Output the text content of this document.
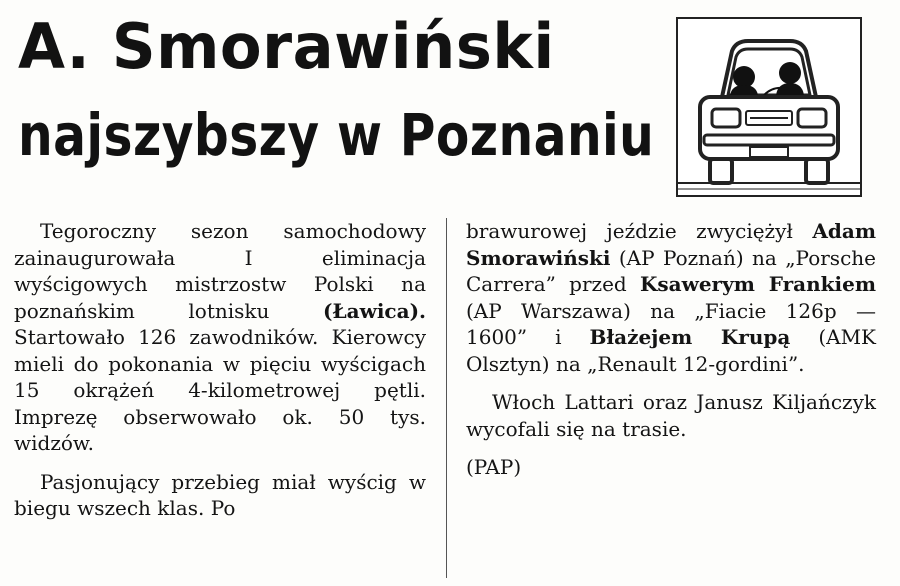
A. Smorawiński
najszybszy w Poznaniu

Tegoroczny sezon samochodowy zainaugurowała I eliminacja wyścigowych mistrzostw Polski na poznańskim lotnisku (Ławica). Startowało 126 zawodników. Kierowcy mieli do pokonania w pięciu wyścigach 15 okrążeń 4-kilometrowej pętli. Imprezę obserwowało ok. 50 tys. widzów.

Pasjonujący przebieg miał wyścig w biegu wszech klas. Po

brawurowej jeździe zwyciężył Adam Smorawiński (AP Poznań) na „Porsche Carrera” przed Ksawerym Frankiem (AP Warszawa) na „Fiacie 126p — 1600” i Błażejem Krupą (AMK Olsztyn) na „Renault 12-gordini”.

Włoch Lattari oraz Janusz Kiljańczyk wycofali się na trasie.

(PAP)
